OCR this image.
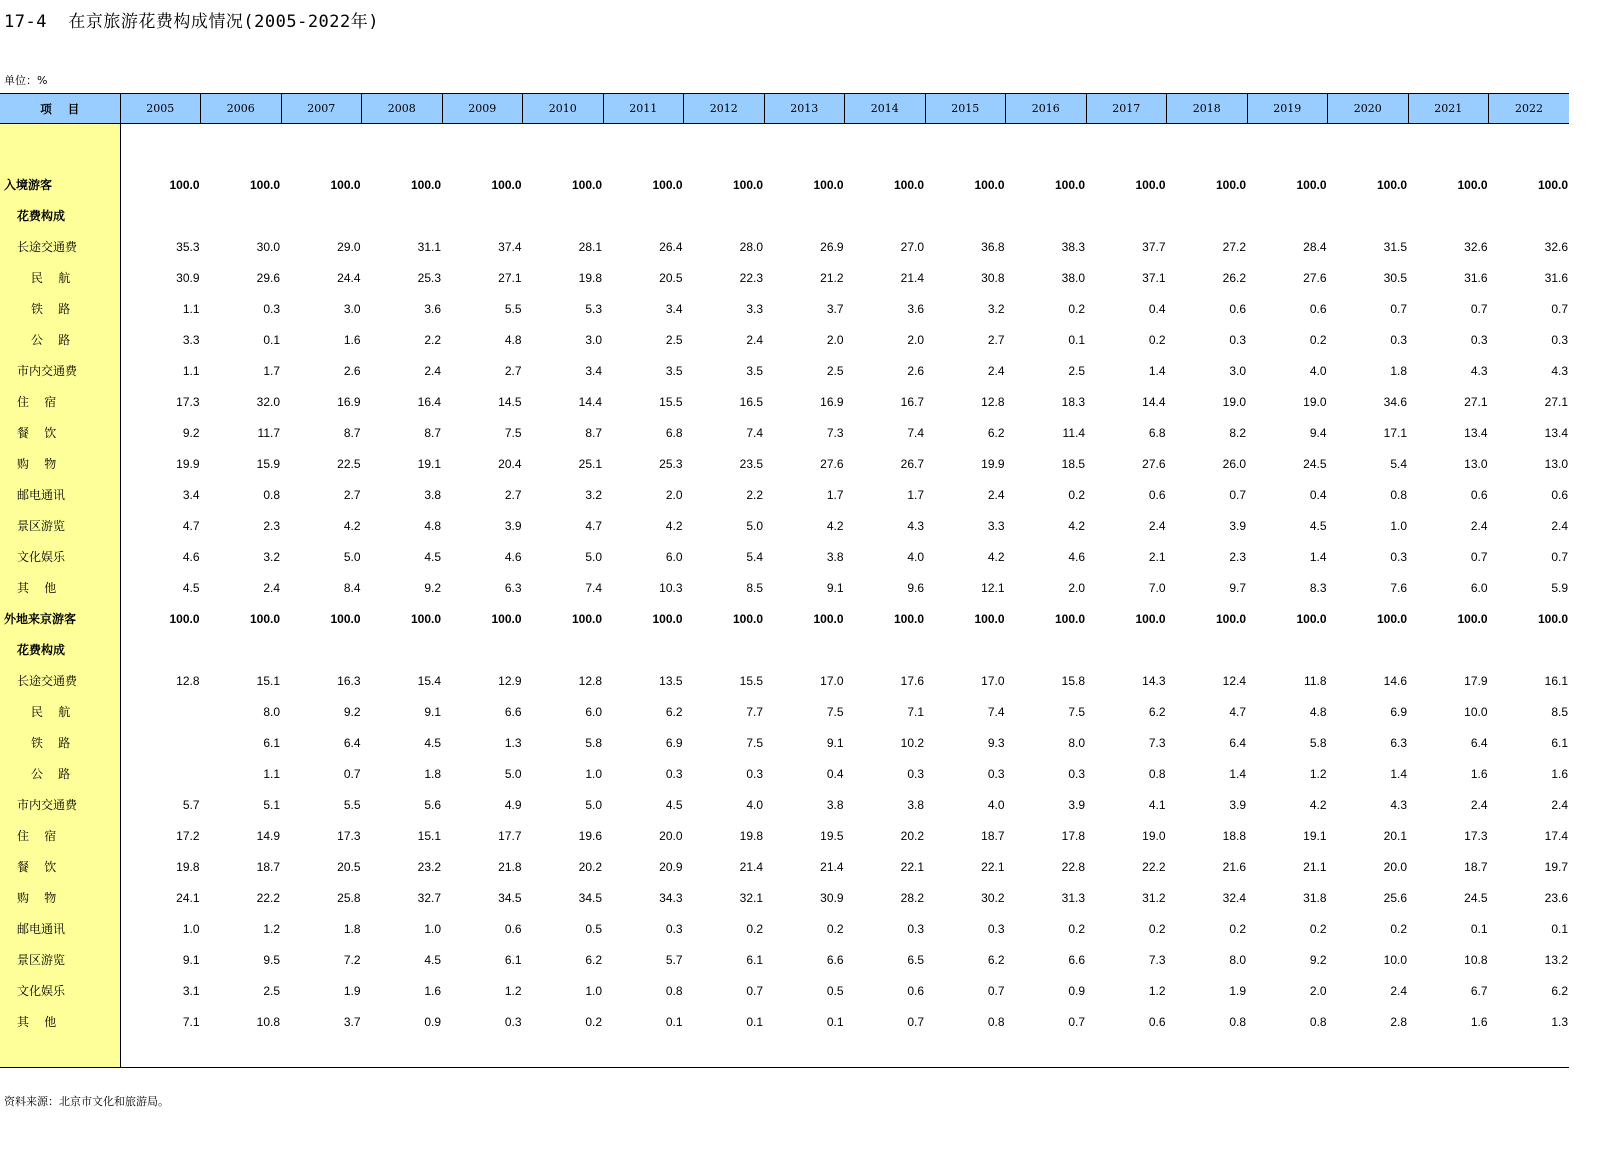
17-4  在京旅游花费构成情况(2005-2022年)
单位：%
项    目	2005	2006	2007	2008	2009	2010	2011	2012	2013	2014	2015	2016	2017	2018	2019	2020	2021	2022

入境游客	100.0	100.0	100.0	100.0	100.0	100.0	100.0	100.0	100.0	100.0	100.0	100.0	100.0	100.0	100.0	100.0	100.0	100.0
花费构成																		
长途交通费	35.3	30.0	29.0	31.1	37.4	28.1	26.4	28.0	26.9	27.0	36.8	38.3	37.7	27.2	28.4	31.5	32.6	32.6
民    航	30.9	29.6	24.4	25.3	27.1	19.8	20.5	22.3	21.2	21.4	30.8	38.0	37.1	26.2	27.6	30.5	31.6	31.6
铁    路	1.1	0.3	3.0	3.6	5.5	5.3	3.4	3.3	3.7	3.6	3.2	0.2	0.4	0.6	0.6	0.7	0.7	0.7
公    路	3.3	0.1	1.6	2.2	4.8	3.0	2.5	2.4	2.0	2.0	2.7	0.1	0.2	0.3	0.2	0.3	0.3	0.3
市内交通费	1.1	1.7	2.6	2.4	2.7	3.4	3.5	3.5	2.5	2.6	2.4	2.5	1.4	3.0	4.0	1.8	4.3	4.3
住    宿	17.3	32.0	16.9	16.4	14.5	14.4	15.5	16.5	16.9	16.7	12.8	18.3	14.4	19.0	19.0	34.6	27.1	27.1
餐    饮	9.2	11.7	8.7	8.7	7.5	8.7	6.8	7.4	7.3	7.4	6.2	11.4	6.8	8.2	9.4	17.1	13.4	13.4
购    物	19.9	15.9	22.5	19.1	20.4	25.1	25.3	23.5	27.6	26.7	19.9	18.5	27.6	26.0	24.5	5.4	13.0	13.0
邮电通讯	3.4	0.8	2.7	3.8	2.7	3.2	2.0	2.2	1.7	1.7	2.4	0.2	0.6	0.7	0.4	0.8	0.6	0.6
景区游览	4.7	2.3	4.2	4.8	3.9	4.7	4.2	5.0	4.2	4.3	3.3	4.2	2.4	3.9	4.5	1.0	2.4	2.4
文化娱乐	4.6	3.2	5.0	4.5	4.6	5.0	6.0	5.4	3.8	4.0	4.2	4.6	2.1	2.3	1.4	0.3	0.7	0.7
其    他	4.5	2.4	8.4	9.2	6.3	7.4	10.3	8.5	9.1	9.6	12.1	2.0	7.0	9.7	8.3	7.6	6.0	5.9
外地来京游客	100.0	100.0	100.0	100.0	100.0	100.0	100.0	100.0	100.0	100.0	100.0	100.0	100.0	100.0	100.0	100.0	100.0	100.0
花费构成																		
长途交通费	12.8	15.1	16.3	15.4	12.9	12.8	13.5	15.5	17.0	17.6	17.0	15.8	14.3	12.4	11.8	14.6	17.9	16.1
民    航		8.0	9.2	9.1	6.6	6.0	6.2	7.7	7.5	7.1	7.4	7.5	6.2	4.7	4.8	6.9	10.0	8.5
铁    路		6.1	6.4	4.5	1.3	5.8	6.9	7.5	9.1	10.2	9.3	8.0	7.3	6.4	5.8	6.3	6.4	6.1
公    路		1.1	0.7	1.8	5.0	1.0	0.3	0.3	0.4	0.3	0.3	0.3	0.8	1.4	1.2	1.4	1.6	1.6
市内交通费	5.7	5.1	5.5	5.6	4.9	5.0	4.5	4.0	3.8	3.8	4.0	3.9	4.1	3.9	4.2	4.3	2.4	2.4
住    宿	17.2	14.9	17.3	15.1	17.7	19.6	20.0	19.8	19.5	20.2	18.7	17.8	19.0	18.8	19.1	20.1	17.3	17.4
餐    饮	19.8	18.7	20.5	23.2	21.8	20.2	20.9	21.4	21.4	22.1	22.1	22.8	22.2	21.6	21.1	20.0	18.7	19.7
购    物	24.1	22.2	25.8	32.7	34.5	34.5	34.3	32.1	30.9	28.2	30.2	31.3	31.2	32.4	31.8	25.6	24.5	23.6
邮电通讯	1.0	1.2	1.8	1.0	0.6	0.5	0.3	0.2	0.2	0.3	0.3	0.2	0.2	0.2	0.2	0.2	0.1	0.1
景区游览	9.1	9.5	7.2	4.5	6.1	6.2	5.7	6.1	6.6	6.5	6.2	6.6	7.3	8.0	9.2	10.0	10.8	13.2
文化娱乐	3.1	2.5	1.9	1.6	1.2	1.0	0.8	0.7	0.5	0.6	0.7	0.9	1.2	1.9	2.0	2.4	6.7	6.2
其    他	7.1	10.8	3.7	0.9	0.3	0.2	0.1	0.1	0.1	0.7	0.8	0.7	0.6	0.8	0.8	2.8	1.6	1.3

资料来源：北京市文化和旅游局。
